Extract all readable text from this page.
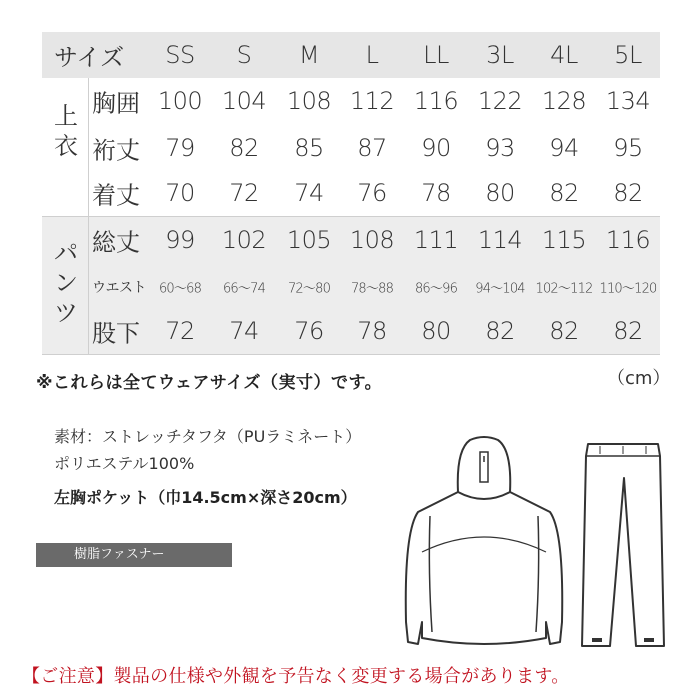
サイズ SS S M L LL 3L 4L 5L
上衣
パンツ
胸囲 100 104 108 112 116 122 128 134
裄丈 79 82 85 87 90 93 94 95
着丈 70 72 74 76 78 80 82 82
総丈 99 102 105 108 111 114 115 116
ウエスト 60〜68 66〜74 72〜80 78〜88 86〜96 94〜104 102〜112 110〜120
股下 72 74 76 78 80 82 82 82
※これらは全てウェアサイズ（実寸）です。	（cm）
素材：ストレッチタフタ（PUラミネート）
ポリエステル100%
左胸ポケット（巾14.5cm×深さ20cm）
樹脂ファスナー
【ご注意】製品の仕様や外観を予告なく変更する場合があります。
